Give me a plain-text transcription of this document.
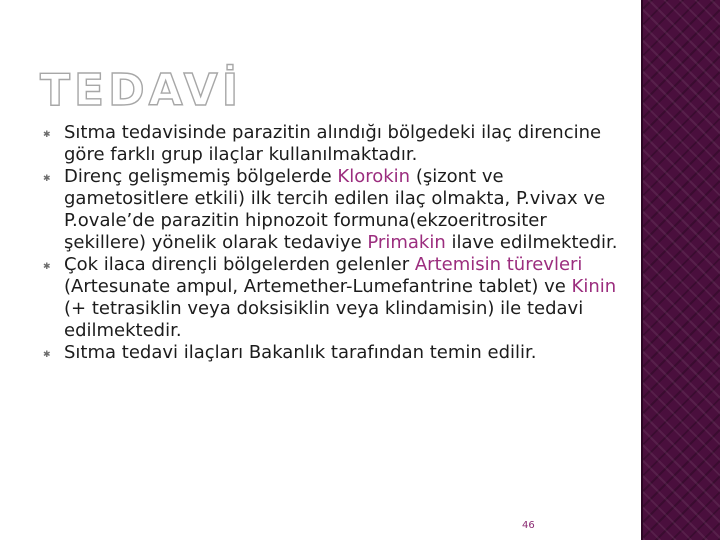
TEDAVİ
✱ Sıtma tedavisinde parazitin alındığı bölgedeki ilaç direncine göre farklı grup ilaçlar kullanılmaktadır.
✱ Direnç gelişmemiş bölgelerde Klorokin (şizont ve gametositlere etkili) ilk tercih edilen ilaç olmakta, P.vivax ve P.ovale’de parazitin hipnozoit formuna(ekzoeritrositer şekillere) yönelik olarak tedaviye Primakin ilave edilmektedir.
✱ Çok ilaca dirençli bölgelerden gelenler Artemisin türevleri (Artesunate ampul, Artemether-Lumefantrine tablet) ve Kinin (+ tetrasiklin veya doksisiklin veya klindamisin) ile tedavi edilmektedir.
✱ Sıtma tedavi ilaçları Bakanlık tarafından temin edilir.
46
